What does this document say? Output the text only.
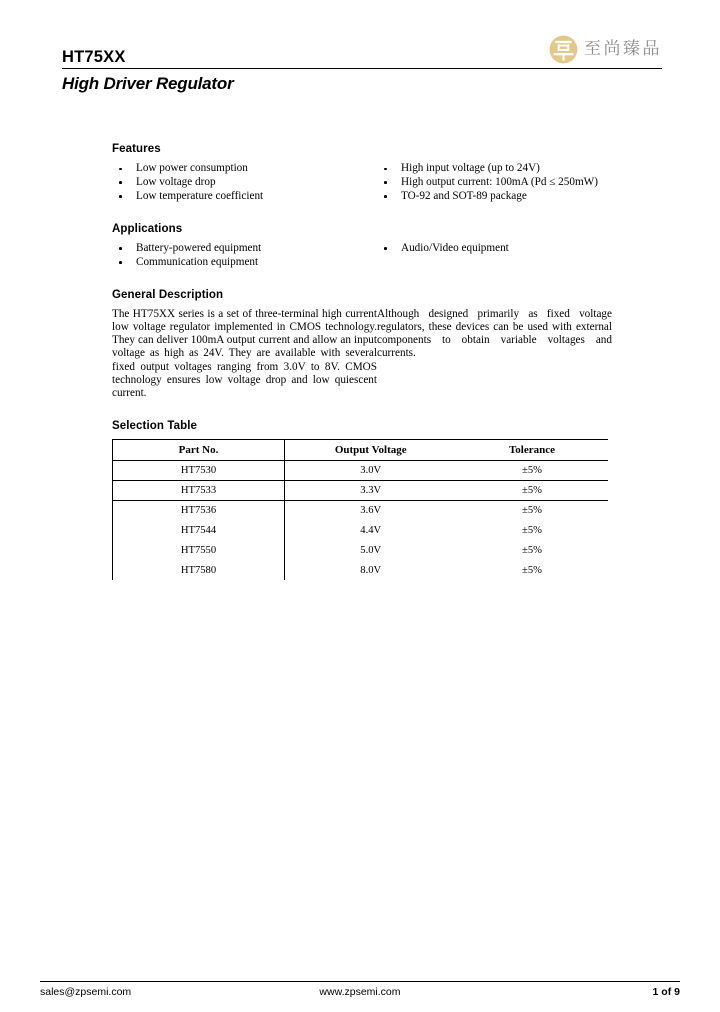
HT75XX	至尚臻品
High Driver Regulator
Features
Low power consumption
Low voltage drop
Low temperature coefficient
High input voltage (up to 24V)
High output current: 100mA (Pd ≤ 250mW)
TO-92 and SOT-89 package
Applications
Battery-powered equipment
Communication equipment
Audio/Video equipment
General Description

The HT75XX series is a set of three-terminal high current low voltage regulator implemented in CMOS technology. They can deliver 100mA output current and allow an input voltage as high as 24V. They are available with several fixed output voltages ranging from 3.0V to 8V. CMOS technology ensures low voltage drop and low quiescent current.

Although designed primarily as fixed voltage regulators, these devices can be used with external components to obtain variable voltages and currents.

Selection Table
Part No.	Output Voltage	Tolerance
HT7530	3.0V	±5%
HT7533	3.3V	±5%
HT7536	3.6V	±5%
HT7544	4.4V	±5%
HT7550	5.0V	±5%
HT7580	8.0V	±5%
sales@zpsemi.com	www.zpsemi.com	1 of 9
